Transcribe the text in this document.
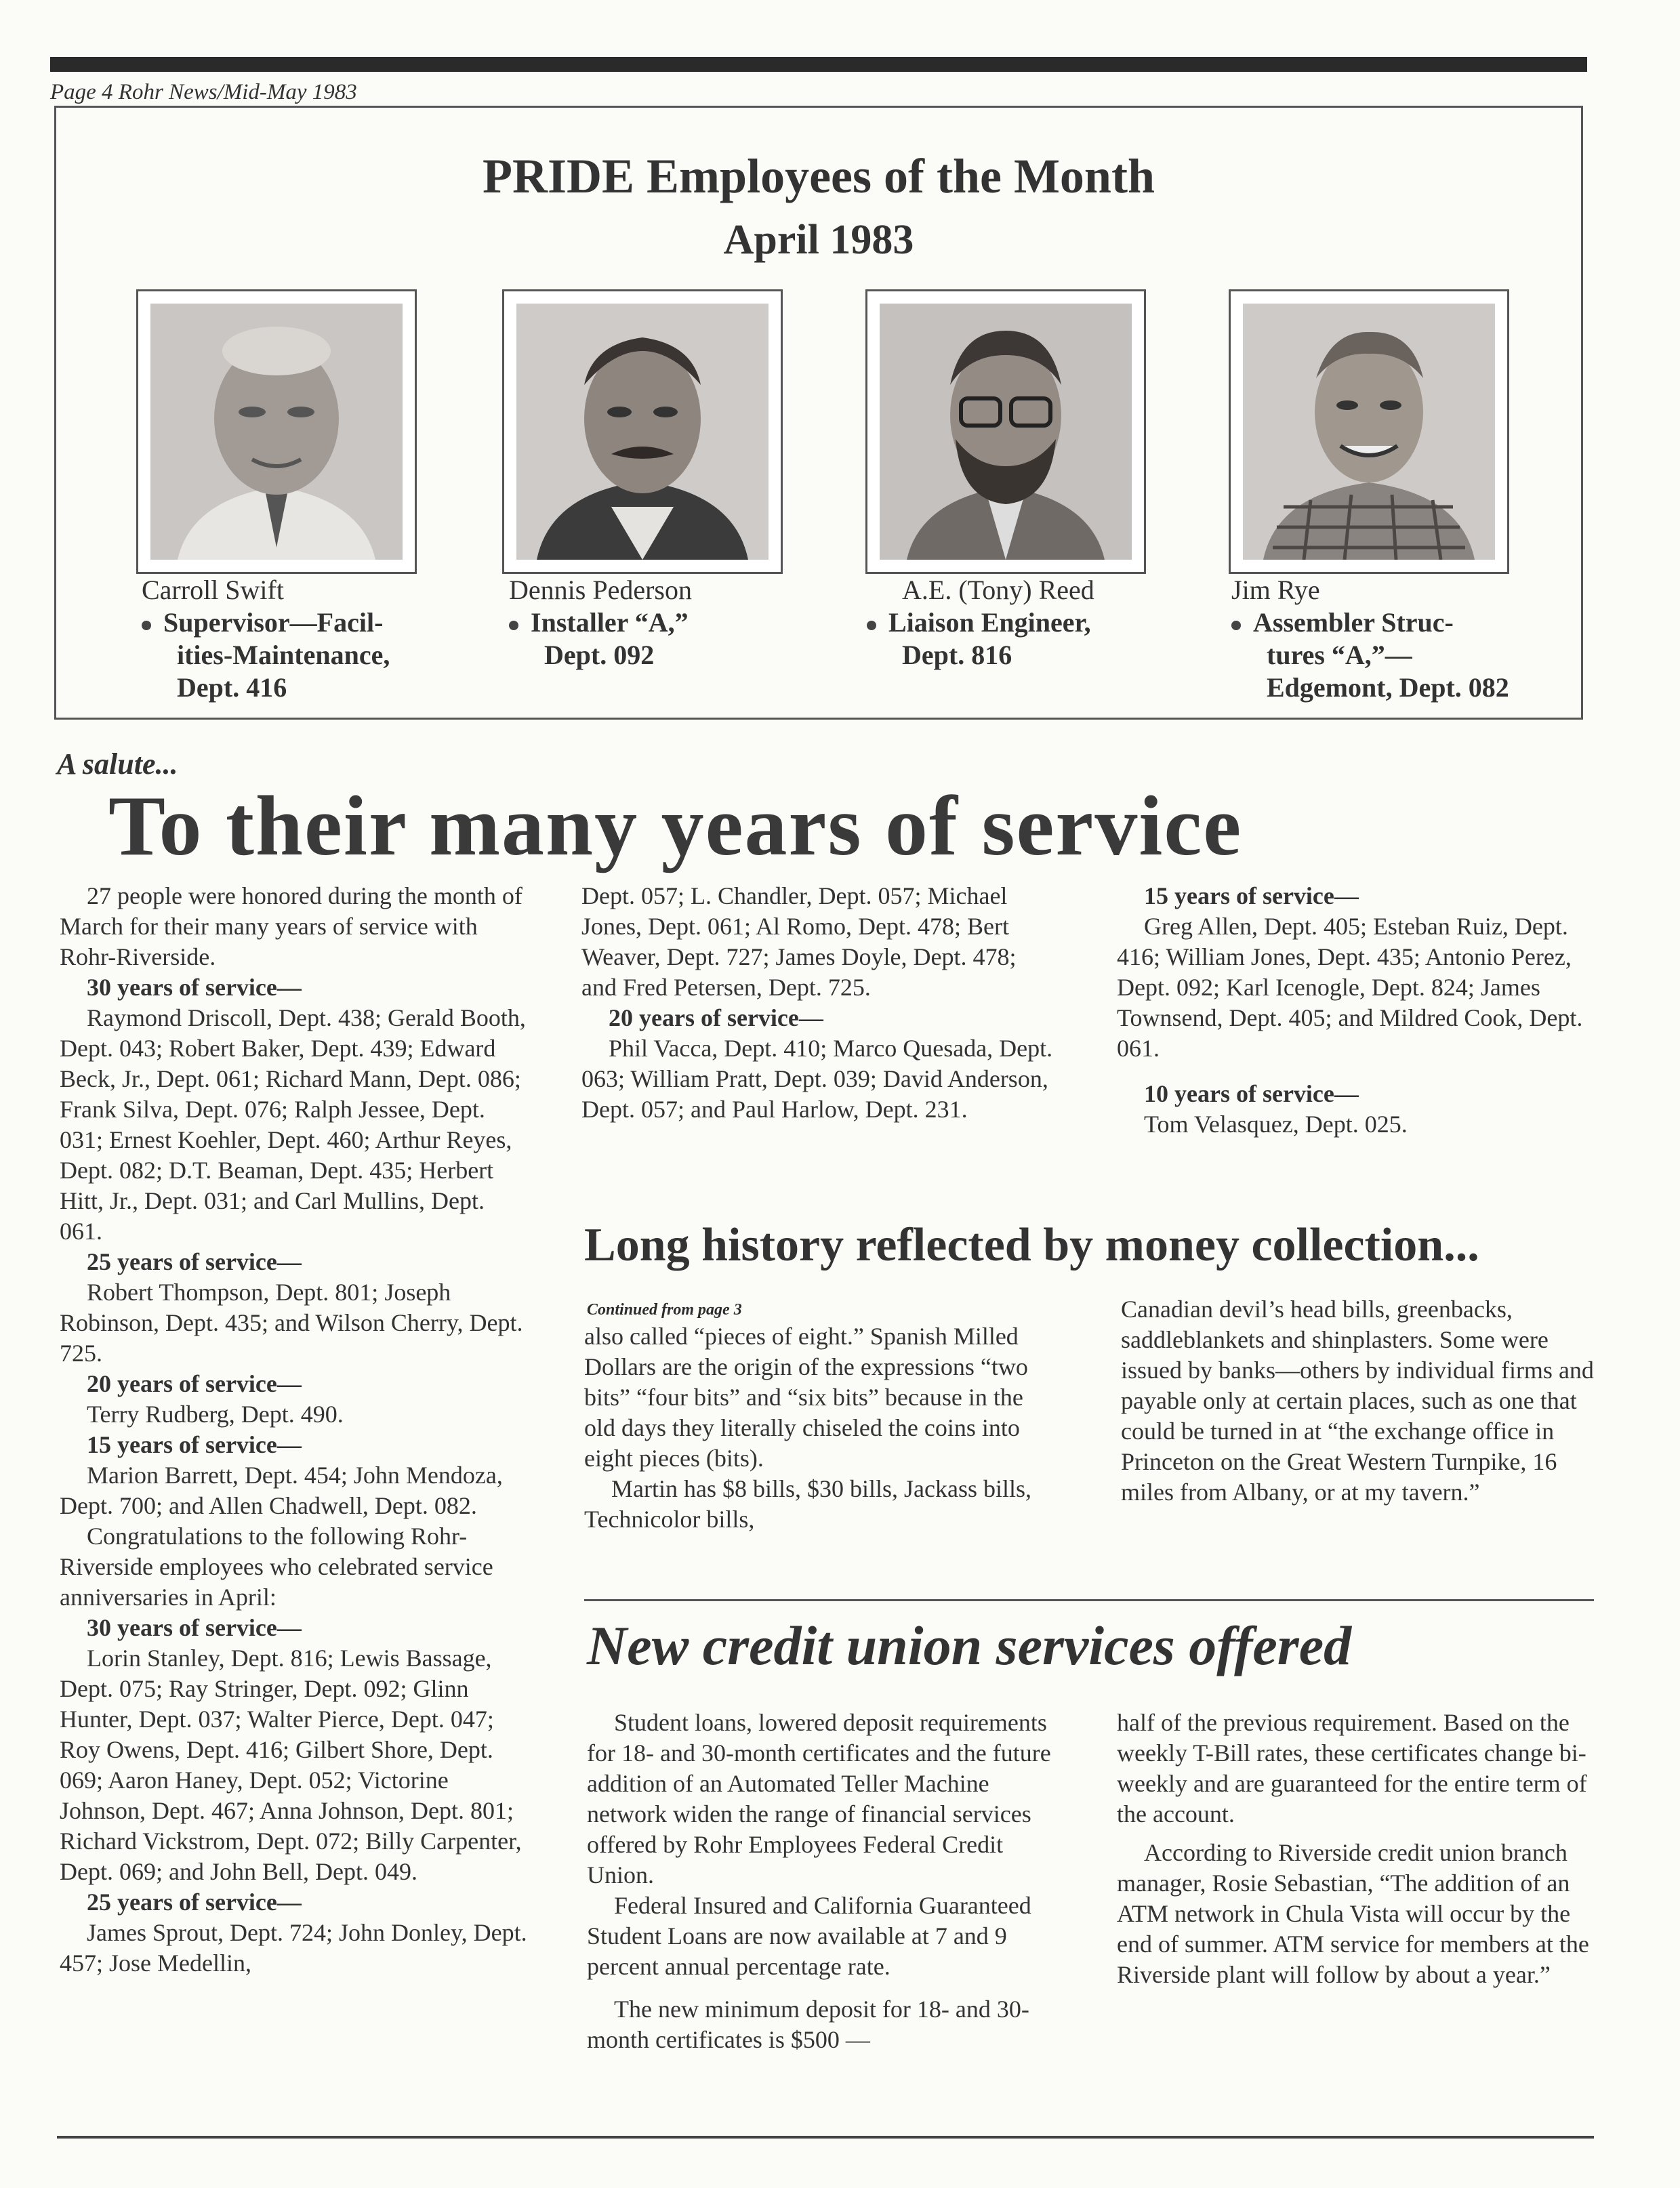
Page 4 Rohr News/Mid-May 1983
PRIDE Employees of the Month
April 1983
Carroll Swift
Supervisor—Facil-
ities-Maintenance,
Dept. 416
Dennis Pederson
Installer “A,”
Dept. 092
A.E. (Tony) Reed
Liaison Engineer,
Dept. 816
Jim Rye
Assembler Struc-
tures “A,”—
Edgemont, Dept. 082
A salute...
To their many years of service

27 people were honored during the month of March for their many years of service with Rohr-Riverside.

30 years of service—

Raymond Driscoll, Dept. 438; Gerald Booth, Dept. 043; Robert Baker, Dept. 439; Edward Beck, Jr., Dept. 061; Richard Mann, Dept. 086; Frank Silva, Dept. 076; Ralph Jessee, Dept. 031; Ernest Koehler, Dept. 460; Arthur Reyes, Dept. 082; D.T. Beaman, Dept. 435; Herbert Hitt, Jr., Dept. 031; and Carl Mullins, Dept. 061.

25 years of service—

Robert Thompson, Dept. 801; Joseph Robinson, Dept. 435; and Wilson Cherry, Dept. 725.

20 years of service—

Terry Rudberg, Dept. 490.

15 years of service—

Marion Barrett, Dept. 454; John Mendoza, Dept. 700; and Allen Chadwell, Dept. 082.

Congratulations to the following Rohr-Riverside employees who celebrated service anniversaries in April:

30 years of service—

Lorin Stanley, Dept. 816; Lewis Bassage, Dept. 075; Ray Stringer, Dept. 092; Glinn Hunter, Dept. 037; Walter Pierce, Dept. 047; Roy Owens, Dept. 416; Gilbert Shore, Dept. 069; Aaron Haney, Dept. 052; Victorine Johnson, Dept. 467; Anna Johnson, Dept. 801; Richard Vickstrom, Dept. 072; Billy Carpenter, Dept. 069; and John Bell, Dept. 049.

25 years of service—

James Sprout, Dept. 724; John Donley, Dept. 457; Jose Medellin,

Dept. 057; L. Chandler, Dept. 057; Michael Jones, Dept. 061; Al Romo, Dept. 478; Bert Weaver, Dept. 727; James Doyle, Dept. 478; and Fred Petersen, Dept. 725.

20 years of service—

Phil Vacca, Dept. 410; Marco Quesada, Dept. 063; William Pratt, Dept. 039; David Anderson, Dept. 057; and Paul Harlow, Dept. 231.

15 years of service—

Greg Allen, Dept. 405; Esteban Ruiz, Dept. 416; William Jones, Dept. 435; Antonio Perez, Dept. 092; Karl Icenogle, Dept. 824; James Townsend, Dept. 405; and Mildred Cook, Dept. 061.

10 years of service—

Tom Velasquez, Dept. 025.

Long history reflected by money collection...
Continued from page 3

also called “pieces of eight.” Spanish Milled Dollars are the origin of the expressions “two bits” “four bits” and “six bits” because in the old days they literally chiseled the coins into eight pieces (bits).

Martin has $8 bills, $30 bills, Jackass bills, Technicolor bills,

Canadian devil’s head bills, greenbacks, saddleblankets and shinplasters. Some were issued by banks—others by individual firms and payable only at certain places, such as one that could be turned in at “the exchange office in Princeton on the Great Western Turnpike, 16 miles from Albany, or at my tavern.”

New credit union services offered

Student loans, lowered deposit requirements for 18- and 30-month certificates and the future addition of an Automated Teller Machine network widen the range of financial services offered by Rohr Employees Federal Credit Union.

Federal Insured and California Guaranteed Student Loans are now available at 7 and 9 percent annual percentage rate.

The new minimum deposit for 18- and 30-month certificates is $500 —

half of the previous requirement. Based on the weekly T-Bill rates, these certificates change bi-weekly and are guaranteed for the entire term of the account.

According to Riverside credit union branch manager, Rosie Sebastian, “The addition of an ATM network in Chula Vista will occur by the end of summer. ATM service for members at the Riverside plant will follow by about a year.”
